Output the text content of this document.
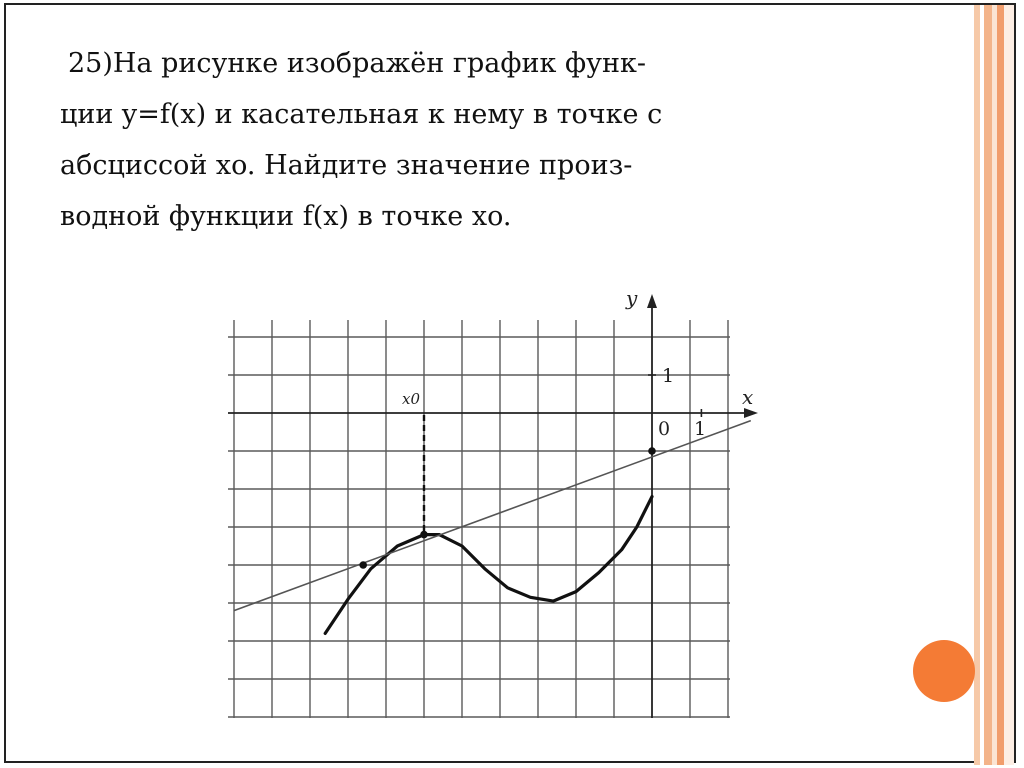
25)На рисунке изображён график функ-

ции y=f(x) и касательная к нему в точке с

абсциссой xo. Найдите значение произ-

водной функции f(x) в точке xo.

y
x
0 1
1
x0
